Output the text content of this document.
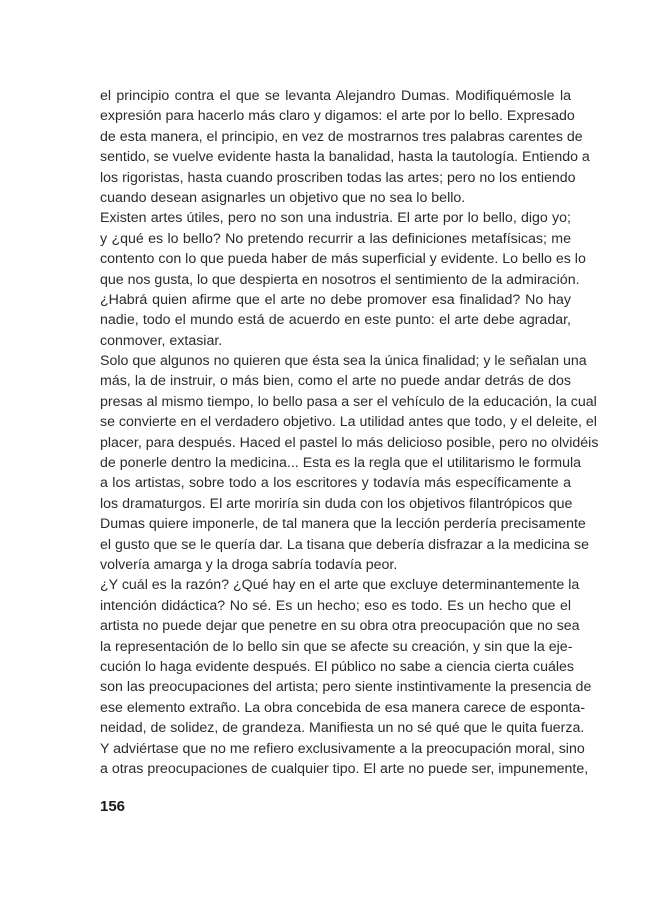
el principio contra el que se levanta Alejandro Dumas. Modifiquémosle la
expresión para hacerlo más claro y digamos: el arte por lo bello. Expresado
de esta manera, el principio, en vez de mostrarnos tres palabras carentes de
sentido, se vuelve evidente hasta la banalidad, hasta la tautología. Entiendo a
los rigoristas, hasta cuando proscriben todas las artes; pero no los entiendo
cuando desean asignarles un objetivo que no sea lo bello.
Existen artes útiles, pero no son una industria. El arte por lo bello, digo yo;
y ¿qué es lo bello? No pretendo recurrir a las definiciones metafísicas; me
contento con lo que pueda haber de más superficial y evidente. Lo bello es lo
que nos gusta, lo que despierta en nosotros el sentimiento de la admiración.
¿Habrá quien afirme que el arte no debe promover esa finalidad? No hay
nadie, todo el mundo está de acuerdo en este punto: el arte debe agradar,
conmover, extasiar.
Solo que algunos no quieren que ésta sea la única finalidad; y le señalan una
más, la de instruir, o más bien, como el arte no puede andar detrás de dos
presas al mismo tiempo, lo bello pasa a ser el vehículo de la educación, la cual
se convierte en el verdadero objetivo. La utilidad antes que todo, y el deleite, el
placer, para después. Haced el pastel lo más delicioso posible, pero no olvidéis
de ponerle dentro la medicina... Esta es la regla que el utilitarismo le formula
a los artistas, sobre todo a los escritores y todavía más específicamente a
los dramaturgos. El arte moriría sin duda con los objetivos filantrópicos que
Dumas quiere imponerle, de tal manera que la lección perdería precisamente
el gusto que se le quería dar. La tisana que debería disfrazar a la medicina se
volvería amarga y la droga sabría todavía peor.
¿Y cuál es la razón? ¿Qué hay en el arte que excluye determinantemente la
intención didáctica? No sé. Es un hecho; eso es todo. Es un hecho que el
artista no puede dejar que penetre en su obra otra preocupación que no sea
la representación de lo bello sin que se afecte su creación, y sin que la eje-
cución lo haga evidente después. El público no sabe a ciencia cierta cuáles
son las preocupaciones del artista; pero siente instintivamente la presencia de
ese elemento extraño. La obra concebida de esa manera carece de esponta-
neidad, de solidez, de grandeza. Manifiesta un no sé qué que le quita fuerza.
Y adviértase que no me refiero exclusivamente a la preocupación moral, sino
a otras preocupaciones de cualquier tipo. El arte no puede ser, impunemente,
156
